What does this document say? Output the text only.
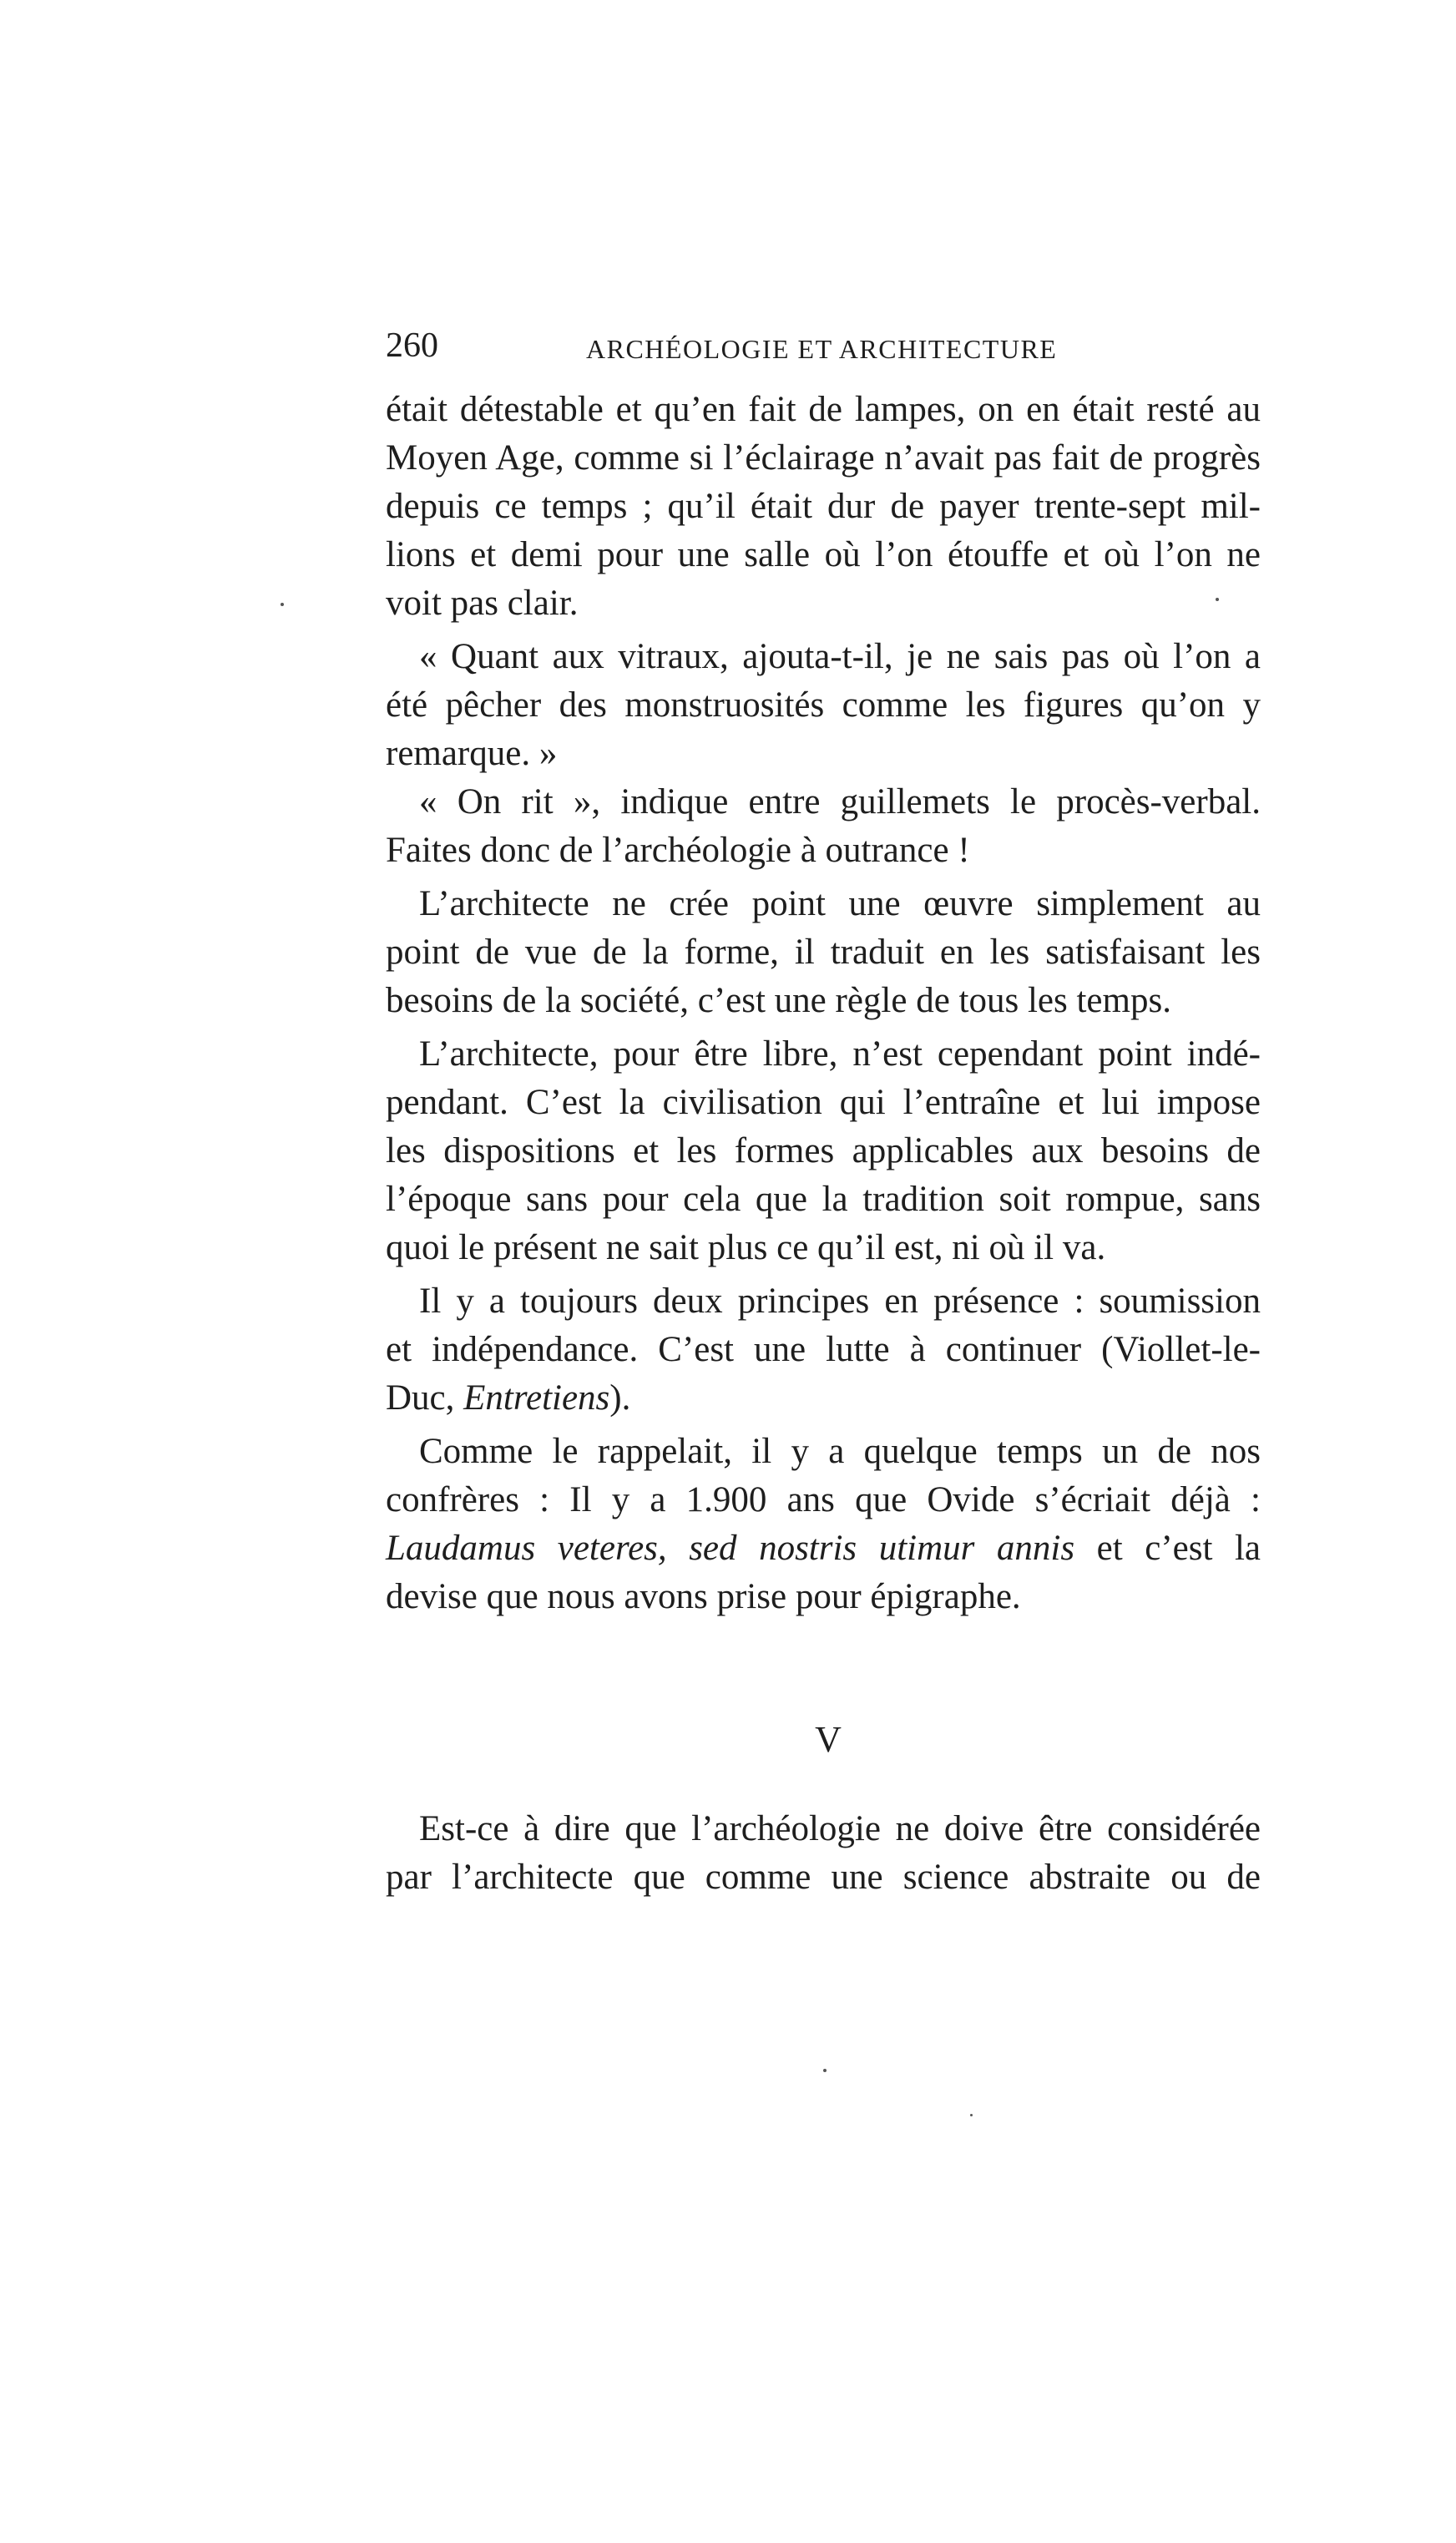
260	ARCHÉOLOGIE ET ARCHITECTURE
était détestable et qu’en fait de lampes, on en était resté au
Moyen Age, comme si l’éclairage n’avait pas fait de progrès
depuis ce temps ; qu’il était dur de payer trente-sept mil-
lions et demi pour une salle où l’on étouffe et où l’on ne
voit pas clair.
« Quant aux vitraux, ajouta-t-il, je ne sais pas où l’on a
été pêcher des monstruosités comme les figures qu’on y
remarque. »
« On rit », indique entre guillemets le procès-verbal.
Faites donc de l’archéologie à outrance !
L’architecte ne crée point une œuvre simplement au
point de vue de la forme, il traduit en les satisfaisant les
besoins de la société, c’est une règle de tous les temps.
L’architecte, pour être libre, n’est cependant point indé-
pendant. C’est la civilisation qui l’entraîne et lui impose
les dispositions et les formes applicables aux besoins de
l’époque sans pour cela que la tradition soit rompue, sans
quoi le présent ne sait plus ce qu’il est, ni où il va.
Il y a toujours deux principes en présence : soumission
et indépendance. C’est une lutte à continuer (Viollet-le-
Duc, Entretiens).
Comme le rappelait, il y a quelque temps un de nos
confrères : Il y a 1.900 ans que Ovide s’écriait déjà :
Laudamus veteres, sed nostris utimur annis et c’est la
devise que nous avons prise pour épigraphe.
V
Est-ce à dire que l’archéologie ne doive être considérée
par l’architecte que comme une science abstraite ou de
